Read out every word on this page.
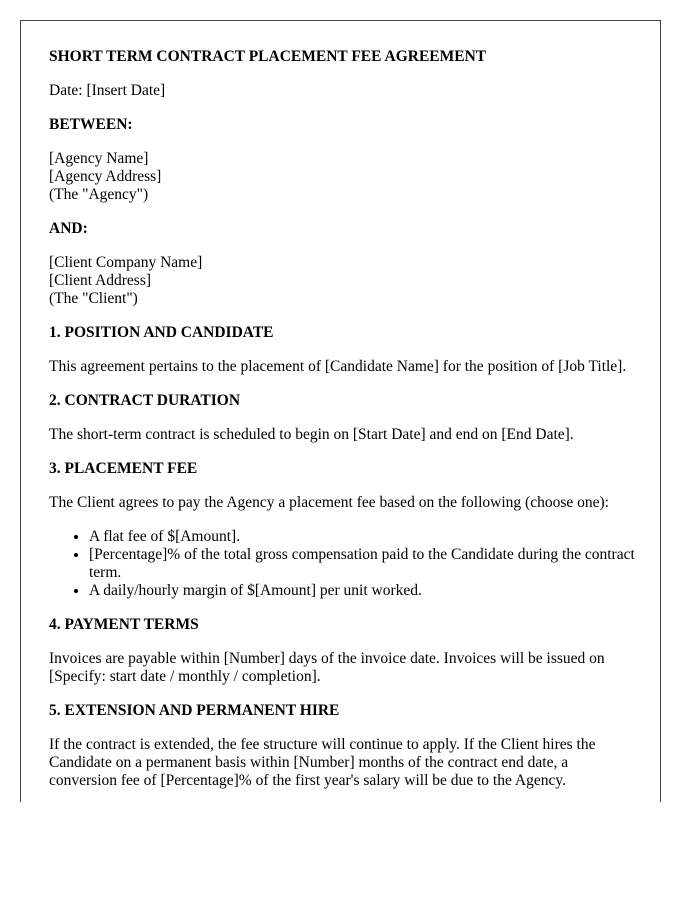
SHORT TERM CONTRACT PLACEMENT FEE AGREEMENT

Date: [Insert Date]

BETWEEN:

[Agency Name]
[Agency Address]
(The "Agency")

AND:

[Client Company Name]
[Client Address]
(The "Client")

1. POSITION AND CANDIDATE

This agreement pertains to the placement of [Candidate Name] for the position of [Job Title].

2. CONTRACT DURATION

The short-term contract is scheduled to begin on [Start Date] and end on [End Date].

3. PLACEMENT FEE

The Client agrees to pay the Agency a placement fee based on the following (choose one):

• A flat fee of $[Amount].
• [Percentage]% of the total gross compensation paid to the Candidate during the contract term.
• A daily/hourly margin of $[Amount] per unit worked.
4. PAYMENT TERMS

Invoices are payable within [Number] days of the invoice date. Invoices will be issued on [Specify: start date / monthly / completion].

5. EXTENSION AND PERMANENT HIRE

If the contract is extended, the fee structure will continue to apply. If the Client hires the Candidate on a permanent basis within [Number] months of the contract end date, a conversion fee of [Percentage]% of the first year's salary will be due to the Agency.
